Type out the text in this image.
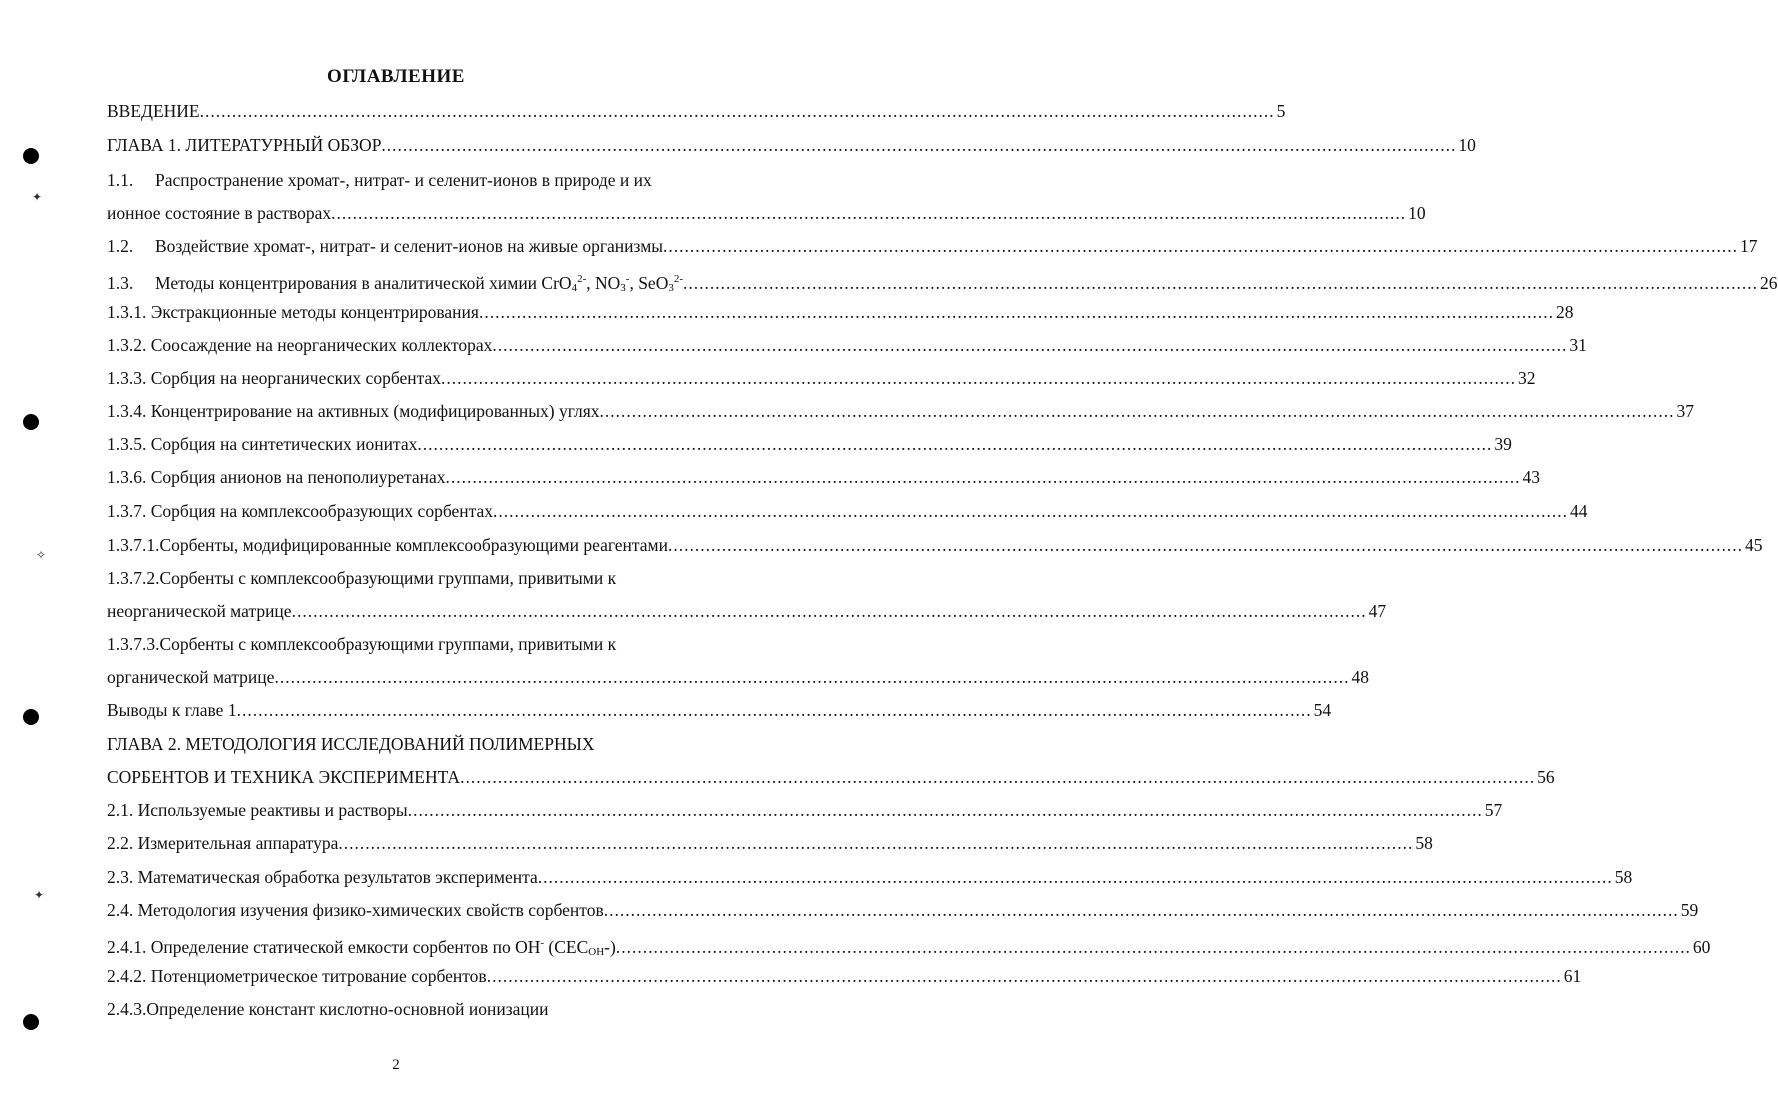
ОГЛАВЛЕНИЕ
✦
✧
✦
ВВЕДЕНИЕ .....	5
ГЛАВА 1. ЛИТЕРАТУРНЫЙ ОБЗОР .....	10
1.1.	Распространение хромат-, нитрат- и селенит-ионов в природе и их
ионное состояние в растворах .....	10
1.2.	Воздействие хромат-, нитрат- и селенит-ионов на живые организмы .....	17
1.3.	Методы концентрирования в аналитической химии $CrO4^{2-}$, NO3-, $SeO3^{2-}$ .....	26
1.3.1. Экстракционные методы концентрирования .....	28
1.3.2. Соосаждение на неорганических коллекторах .....	31
1.3.3. Сорбция на неорганических сорбентах .....	32
1.3.4. Концентрирование на активных (модифицированных) углях .....	37
1.3.5. Сорбция на синтетических ионитах .....	39
1.3.6. Сорбция анионов на пенополиуретанах .....	43
1.3.7. Сорбция на комплексообразующих сорбентах .....	44
1.3.7.1.Сорбенты, модифицированные комплексообразующими реагентами .....	45
1.3.7.2.Сорбенты с комплексообразующими группами, привитыми к
неорганической матрице .....	47
1.3.7.3.Сорбенты с комплексообразующими группами, привитыми к
органической матрице .....	48
Выводы к главе 1 .....	54
ГЛАВА 2. МЕТОДОЛОГИЯ ИССЛЕДОВАНИЙ ПОЛИМЕРНЫХ
СОРБЕНТОВ И ТЕХНИКА ЭКСПЕРИМЕНТА .....	56
2.1. Используемые реактивы и растворы .....	57
2.2. Измерительная аппаратура .....	58
2.3. Математическая обработка результатов эксперимента .....	58
2.4. Методология изучения физико-химических свойств сорбентов .....	59
2.4.1. Определение статической емкости сорбентов по OH- (CECOH-) .....	60
2.4.2. Потенциометрическое титрование сорбентов .....	61
2.4.3.Определение констант кислотно-основной ионизации
2
